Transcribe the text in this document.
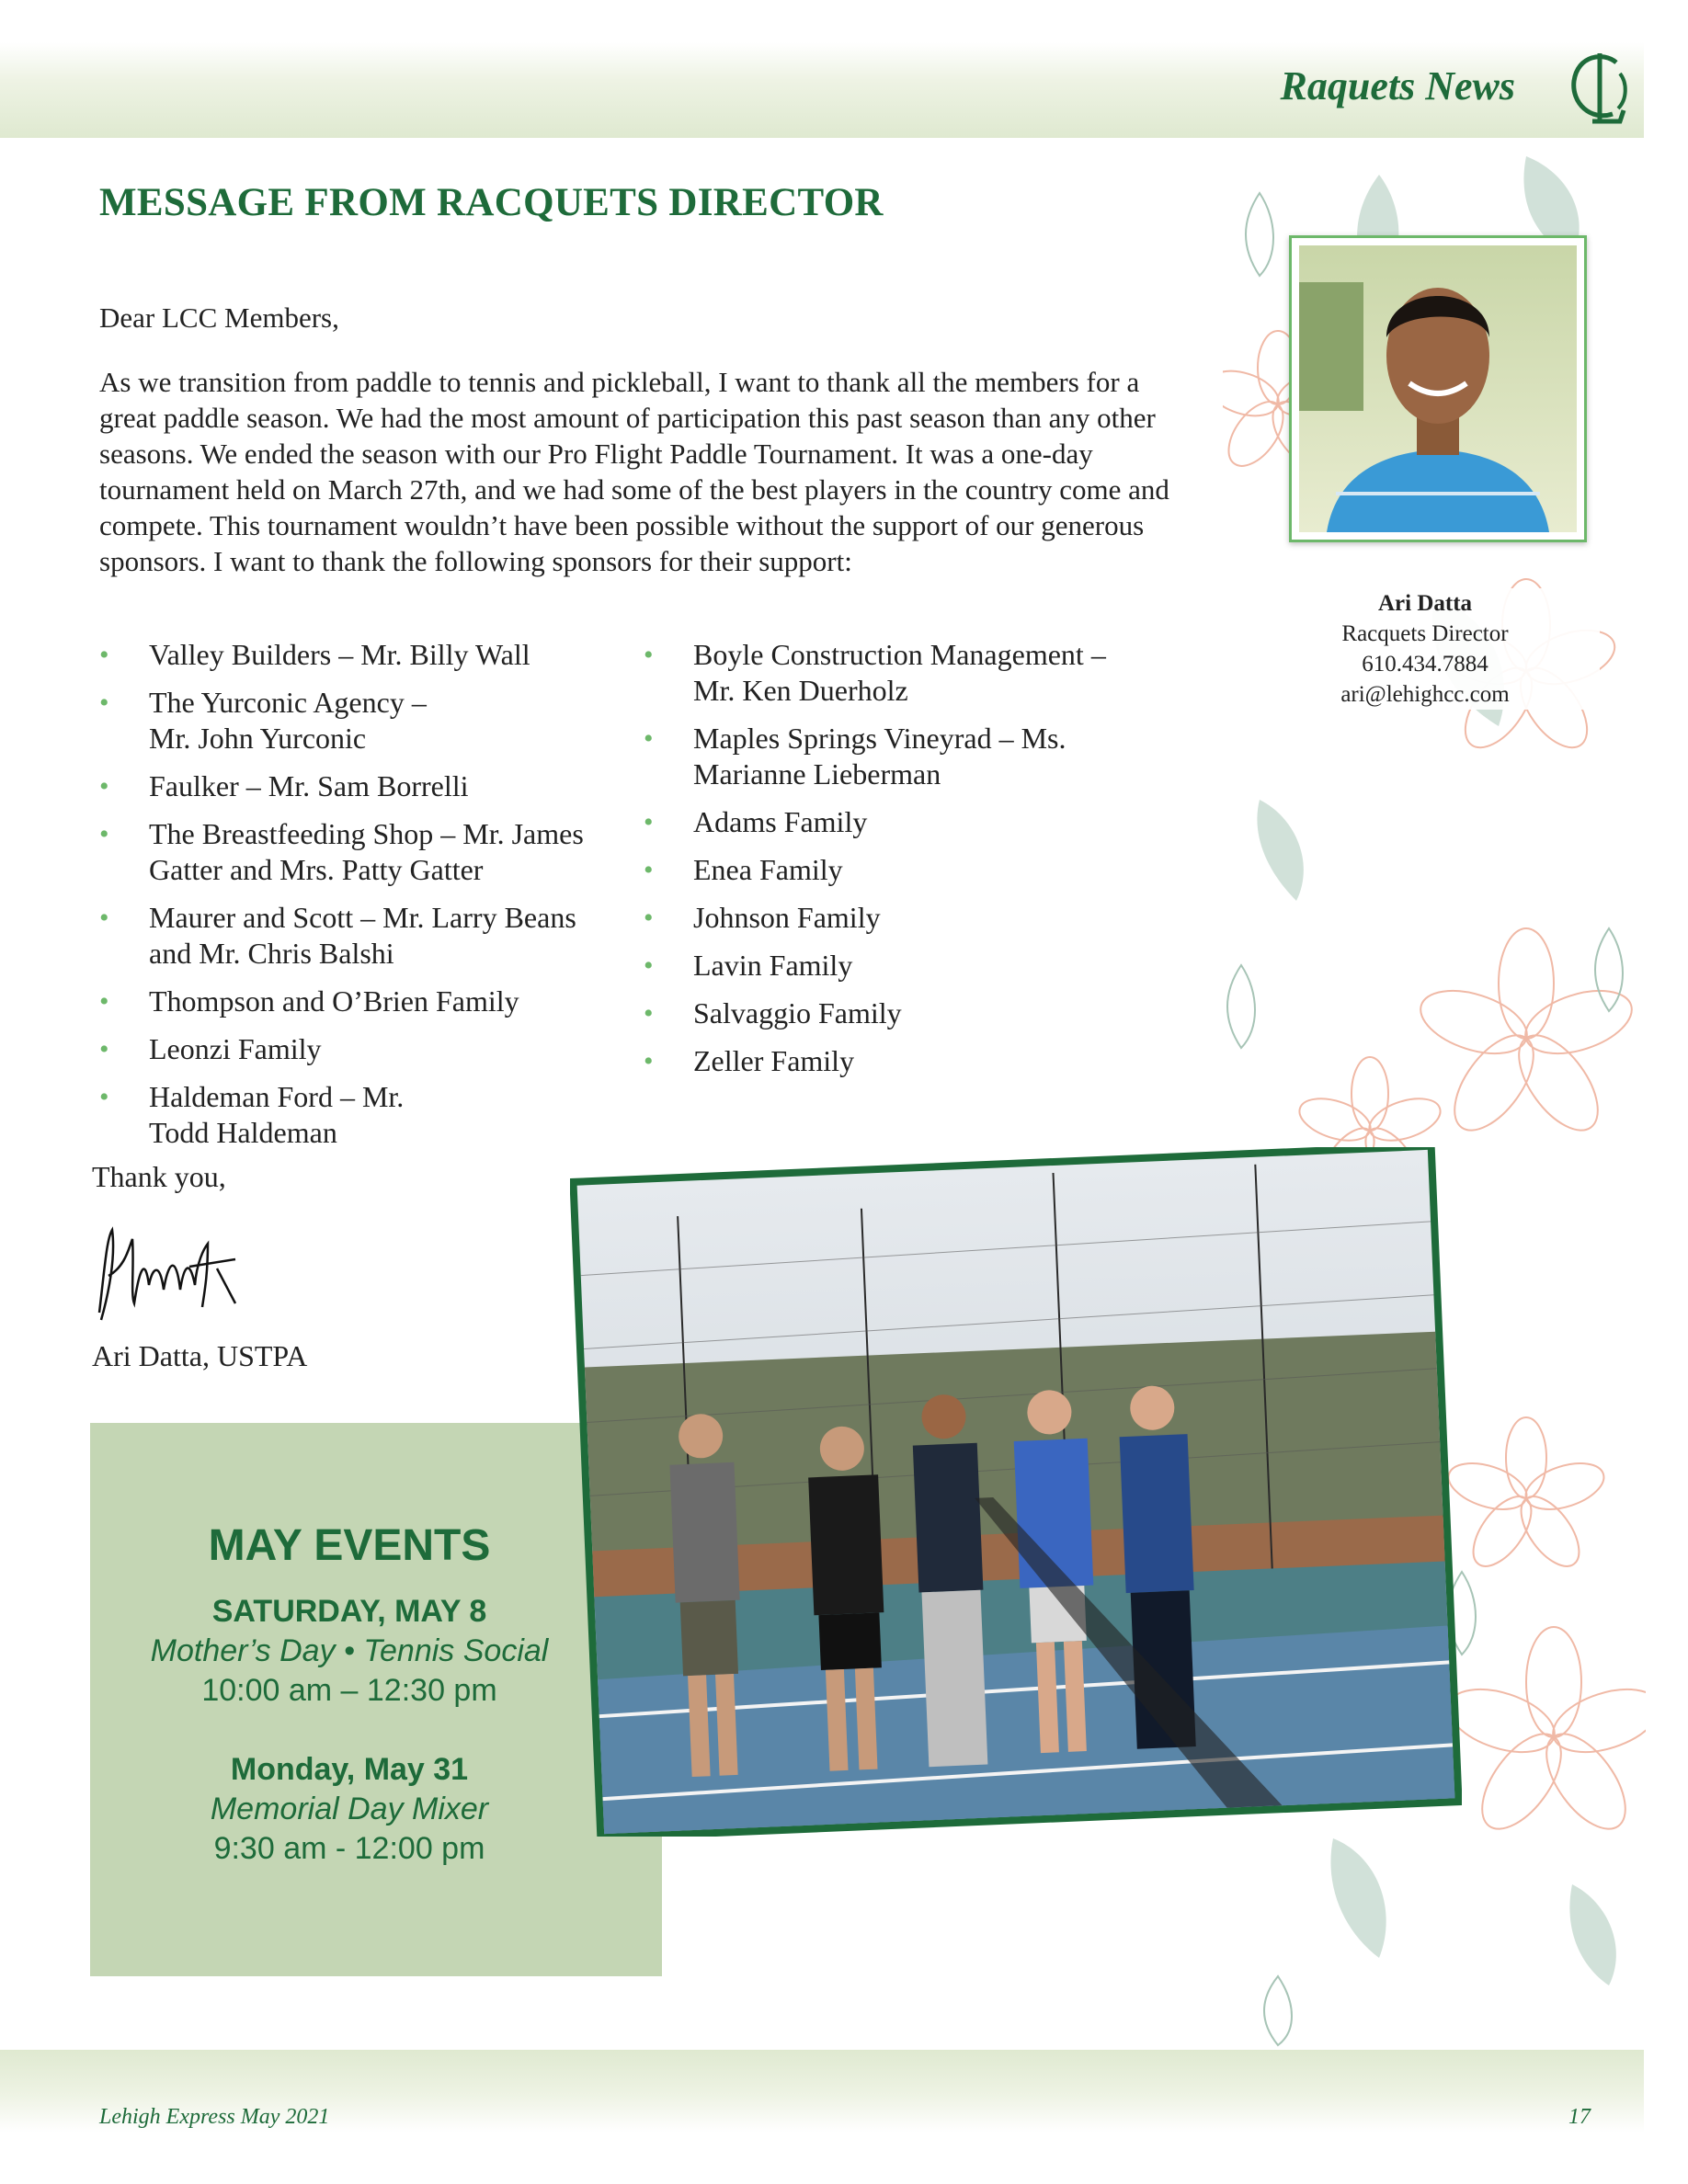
Raquets News
MESSAGE FROM RACQUETS DIRECTOR
Dear LCC Members,
As we transition from paddle to tennis and pickleball, I want to thank all the members for a great paddle season. We had the most amount of participation this past season than any other seasons. We ended the season with our Pro Flight Paddle Tournament. It was a one-day tournament held on March 27th, and we had some of the best players in the country come and compete. This tournament wouldn’t have been possible without the support of our generous sponsors. I want to thank the following sponsors for their support:
• Valley Builders – Mr. Billy Wall
• The Yurconic Agency – Mr. John Yurconic
• Faulker – Mr. Sam Borrelli
• The Breastfeeding Shop – Mr. James Gatter and Mrs. Patty Gatter
• Maurer and Scott – Mr. Larry Beans and Mr. Chris Balshi
• Thompson and O’Brien Family
• Leonzi Family
• Haldeman Ford – Mr. Todd Haldeman
• Boyle Construction Management – Mr. Ken Duerholz
• Maples Springs Vineyrad – Ms. Marianne Lieberman
• Adams Family
• Enea Family
• Johnson Family
• Lavin Family
• Salvaggio Family
• Zeller Family
Thank you,
Ari Datta, USTPA
Ari Datta
Racquets Director
610.434.7884
ari@lehighcc.com
MAY EVENTS
SATURDAY, MAY 8
Mother’s Day • Tennis Social
10:00 am – 12:30 pm
Monday, May 31
Memorial Day Mixer
9:30 am - 12:00 pm
Lehigh Express May 2021	17
